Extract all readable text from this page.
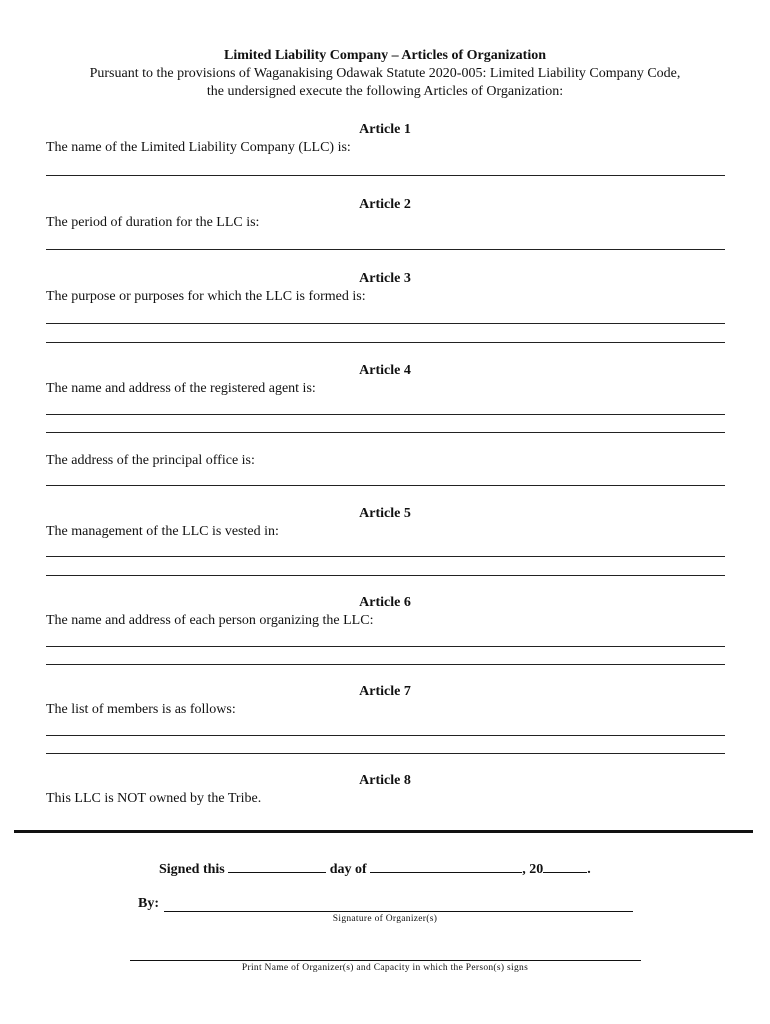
Limited Liability Company – Articles of Organization
Pursuant to the provisions of Waganakising Odawak Statute 2020-005: Limited Liability Company Code,
the undersigned execute the following Articles of Organization:
Article 1
The name of the Limited Liability Company (LLC) is:
Article 2
The period of duration for the LLC is:
Article 3
The purpose or purposes for which the LLC is formed is:
Article 4
The name and address of the registered agent is:
The address of the principal office is:
Article 5
The management of the LLC is vested in:
Article 6
The name and address of each person organizing the LLC:
Article 7
The list of members is as follows:
Article 8
This LLC is NOT owned by the Tribe.
Signed this	day of	, 20	.
By:
Signature of Organizer(s)
Print Name of Organizer(s) and Capacity in which the Person(s) signs
